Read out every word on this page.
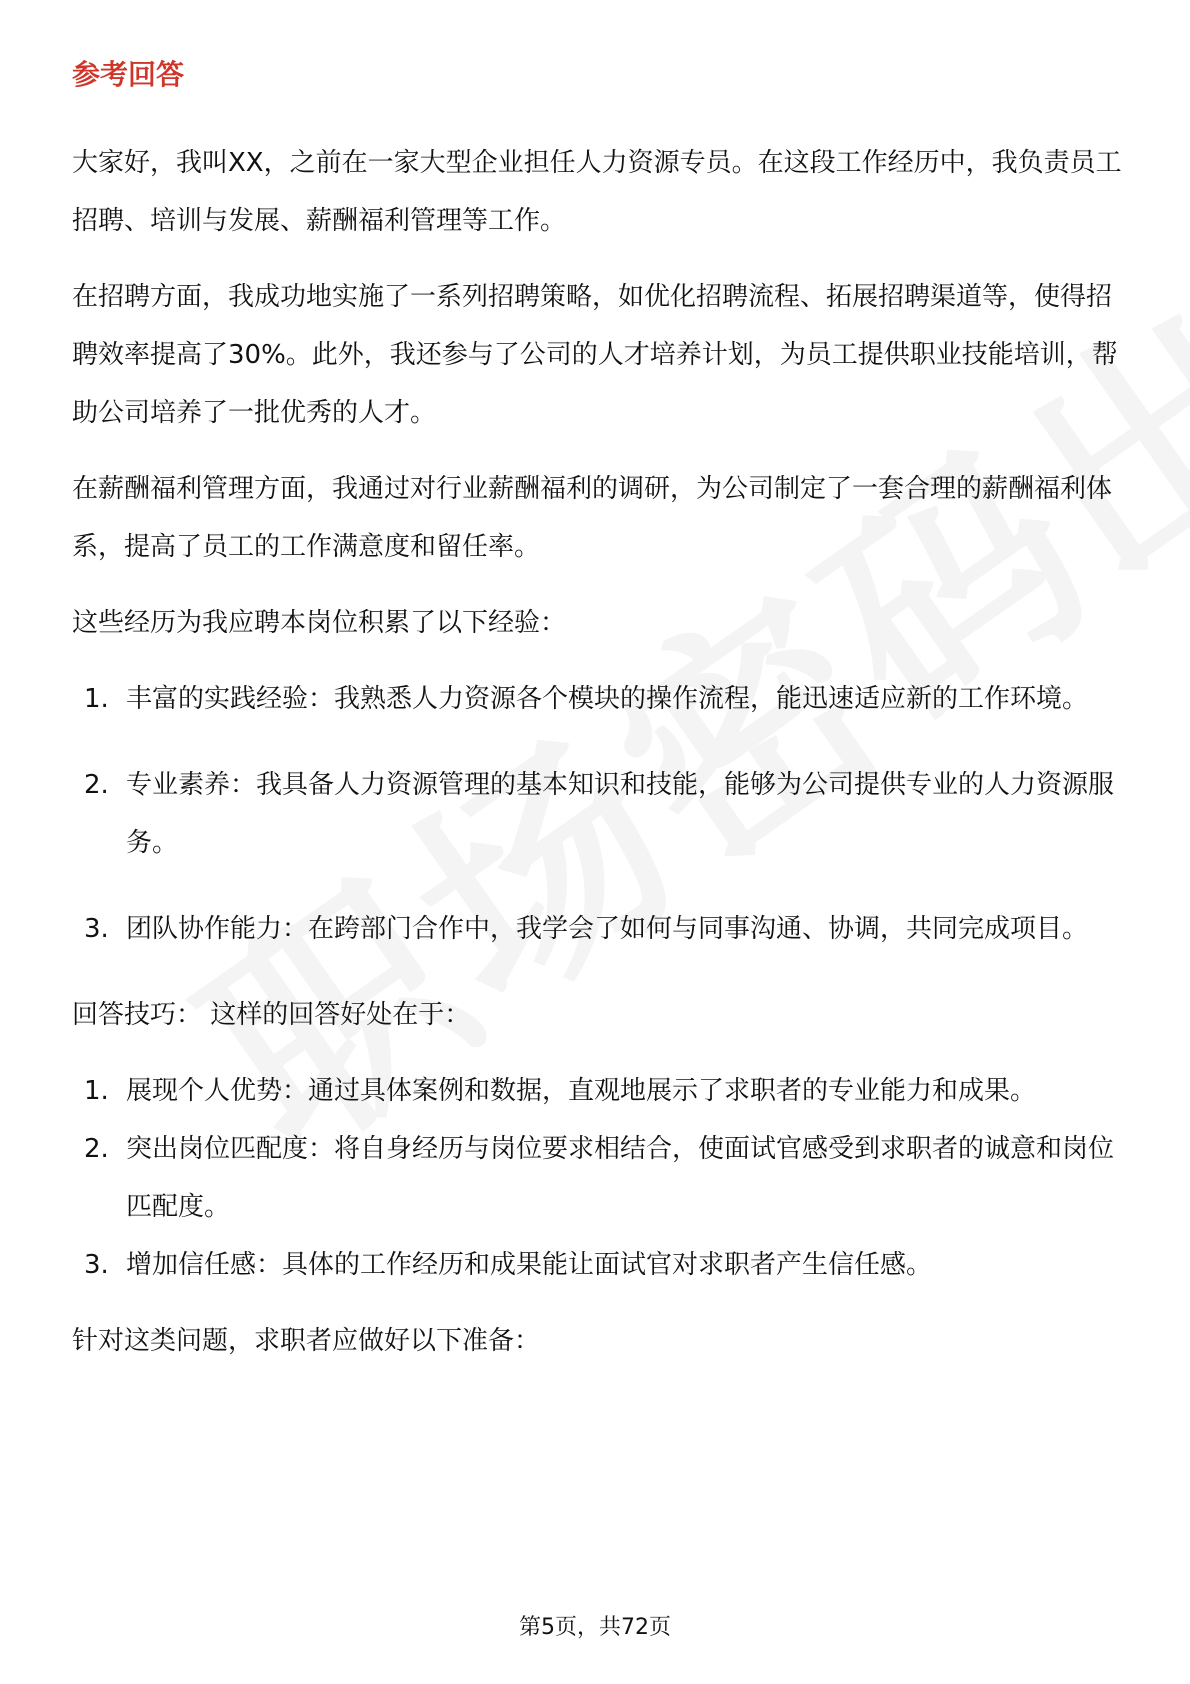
参考回答

大家好，我叫XX，之前在一家大型企业担任人力资源专员。在这段工作经历中，我负责员工招聘、培训与发展、薪酬福利管理等工作。

在招聘方面，我成功地实施了一系列招聘策略，如优化招聘流程、拓展招聘渠道等，使得招聘效率提高了30%。此外，我还参与了公司的人才培养计划，为员工提供职业技能培训，帮助公司培养了一批优秀的人才。

在薪酬福利管理方面，我通过对行业薪酬福利的调研，为公司制定了一套合理的薪酬福利体系，提高了员工的工作满意度和留任率。

这些经历为我应聘本岗位积累了以下经验：

1. 丰富的实践经验：我熟悉人力资源各个模块的操作流程，能迅速适应新的工作环境。
2. 专业素养：我具备人力资源管理的基本知识和技能，能够为公司提供专业的人力资源服务。
3. 团队协作能力：在跨部门合作中，我学会了如何与同事沟通、协调，共同完成项目。

回答技巧： 这样的回答好处在于：

1. 展现个人优势：通过具体案例和数据，直观地展示了求职者的专业能力和成果。
2. 突出岗位匹配度：将自身经历与岗位要求相结合，使面试官感受到求职者的诚意和岗位匹配度。
3. 增加信任感：具体的工作经历和成果能让面试官对求职者产生信任感。

针对这类问题，求职者应做好以下准备：

第5页，共72页
